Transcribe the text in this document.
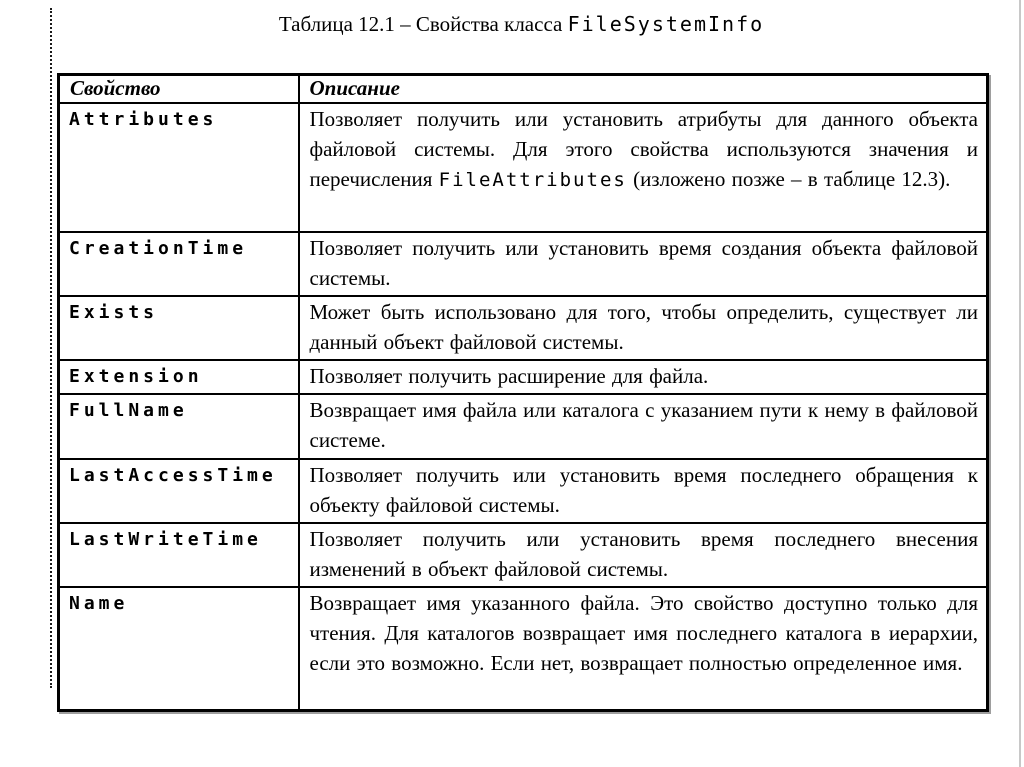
Таблица 12.1 – Свойства класса FileSystemInfo
Свойство	Описание
Attributes	Позволяет получить или установить атрибуты для данного объекта файловой системы. Для этого свойства используются значения и перечисления FileAttributes (изложено позже – в таблице 12.3).
CreationTime	Позволяет получить или установить время создания объекта файловой системы.
Exists	Может быть использовано для того, чтобы определить, существует ли данный объект файловой системы.
Extension	Позволяет получить расширение для файла.
FullName	Возвращает имя файла или каталога с указанием пути к нему в файловой системе.
LastAccessTime	Позволяет получить или установить время последнего обращения к объекту файловой системы.
LastWriteTime	Позволяет получить или установить время последнего внесения изменений в объект файловой системы.
Name	Возвращает имя указанного файла. Это свойство доступно только для чтения. Для каталогов возвращает имя последнего каталога в иерархии, если это возможно. Если нет, возвращает полностью определенное имя.
